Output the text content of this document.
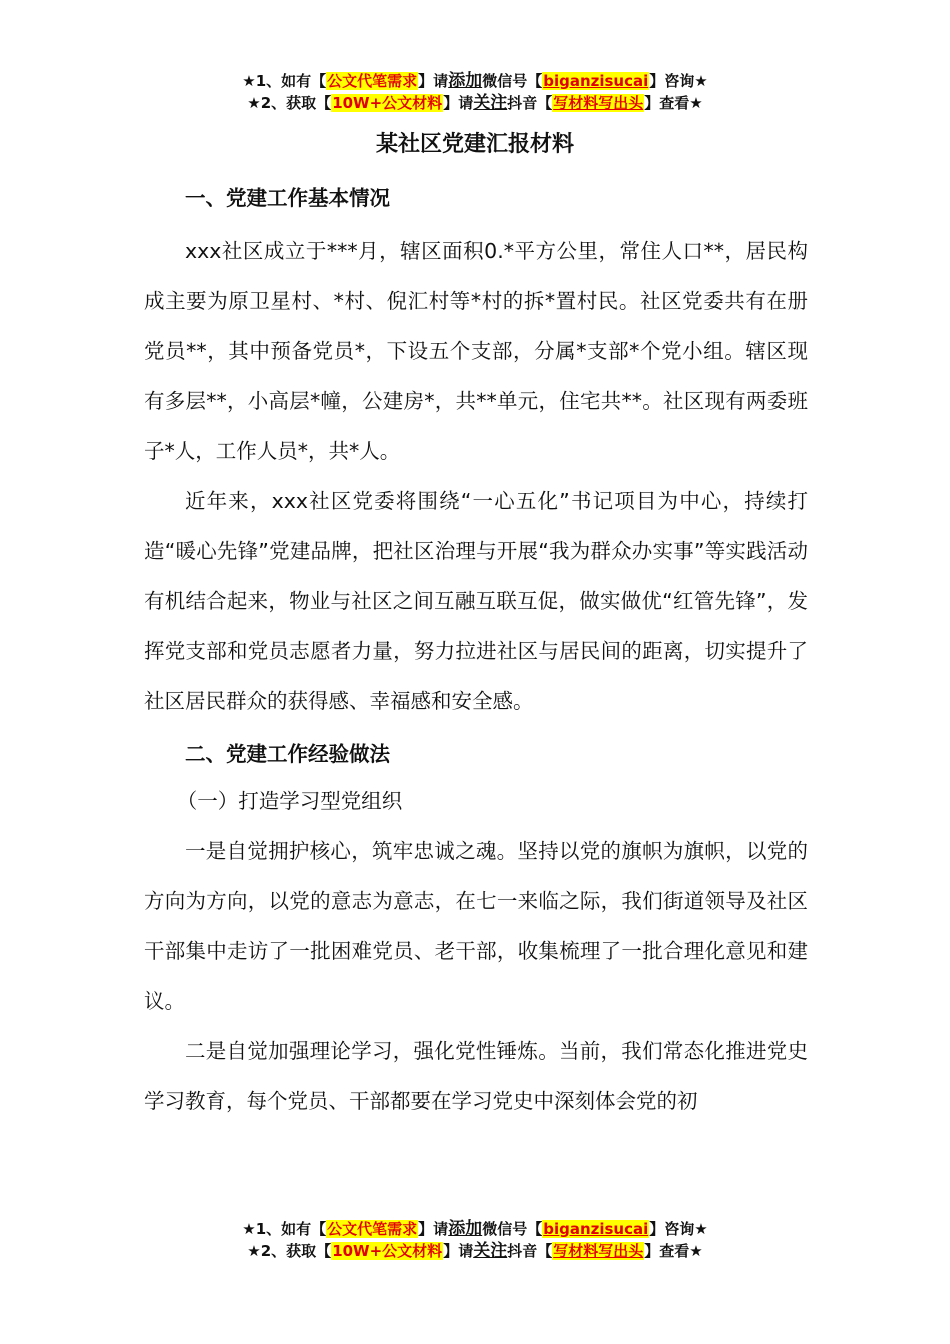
★1、如有【公文代笔需求】请添加微信号【biganzisucai】咨询★
★2、获取【10W+公文材料】请关注抖音【写材料写出头】查看★
某社区党建汇报材料
一、党建工作基本情况

xxx社区成立于***月，辖区面积0.*平方公里，常住人口**，居民构成主要为原卫星村、*村、倪汇村等*村的拆*置村民。社区党委共有在册党员**，其中预备党员*，下设五个支部，分属*支部*个党小组。辖区现有多层**，小高层*幢，公建房*，共**单元，住宅共**。社区现有两委班子*人，工作人员*，共*人。

近年来，xxx社区党委将围绕“一心五化”书记项目为中心，持续打造“暖心先锋”党建品牌，把社区治理与开展“我为群众办实事”等实践活动有机结合起来，物业与社区之间互融互联互促，做实做优“红管先锋”，发挥党支部和党员志愿者力量，努力拉进社区与居民间的距离，切实提升了社区居民群众的获得感、幸福感和安全感。

二、党建工作经验做法

（一）打造学习型党组织

一是自觉拥护核心，筑牢忠诚之魂。坚持以党的旗帜为旗帜，以党的方向为方向，以党的意志为意志，在七一来临之际，我们街道领导及社区干部集中走访了一批困难党员、老干部，收集梳理了一批合理化意见和建议。

二是自觉加强理论学习，强化党性锤炼。当前，我们常态化推进党史学习教育，每个党员、干部都要在学习党史中深刻体会党的初

★1、如有【公文代笔需求】请添加微信号【biganzisucai】咨询★
★2、获取【10W+公文材料】请关注抖音【写材料写出头】查看★
